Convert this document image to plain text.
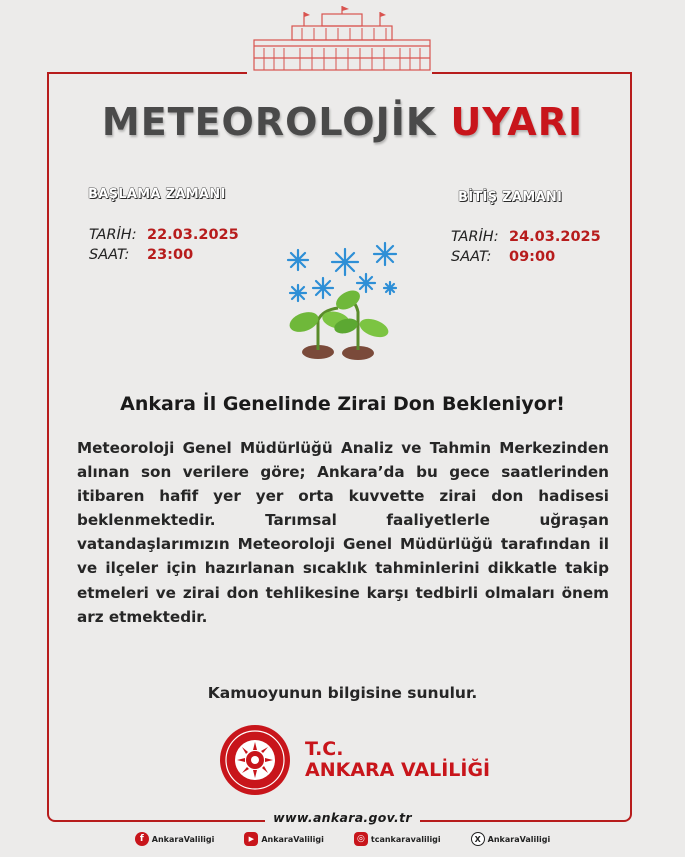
METEOROLOJİK UYARI
BAŞLAMA ZAMANI
TARİH: 22.03.2025
SAAT: 23:00
BİTİŞ ZAMANI
TARİH: 24.03.2025
SAAT: 09:00
Ankara İl Genelinde Zirai Don Bekleniyor!
Meteoroloji Genel Müdürlüğü Analiz ve Tahmin Merkezinden alınan son verilere göre; Ankara’da bu gece saatlerinden itibaren hafif yer yer orta kuvvette zirai don hadisesi beklenmektedir. Tarımsal faaliyetlerle uğraşan vatandaşlarımızın Meteoroloji Genel Müdürlüğü tarafından il ve ilçeler için hazırlanan sıcaklık tahminlerini dikkatle takip etmeleri ve zirai don tehlikesine karşı tedbirli olmaları önem arz etmektedir.
Kamuoyunun bilgisine sunulur.
T.C.
ANKARA VALİLİĞİ
www.ankara.gov.tr
f	AnkaraValiligi	▶ AnkaraValiligi	◎ tcankaravaliligi	X AnkaraValiligi
